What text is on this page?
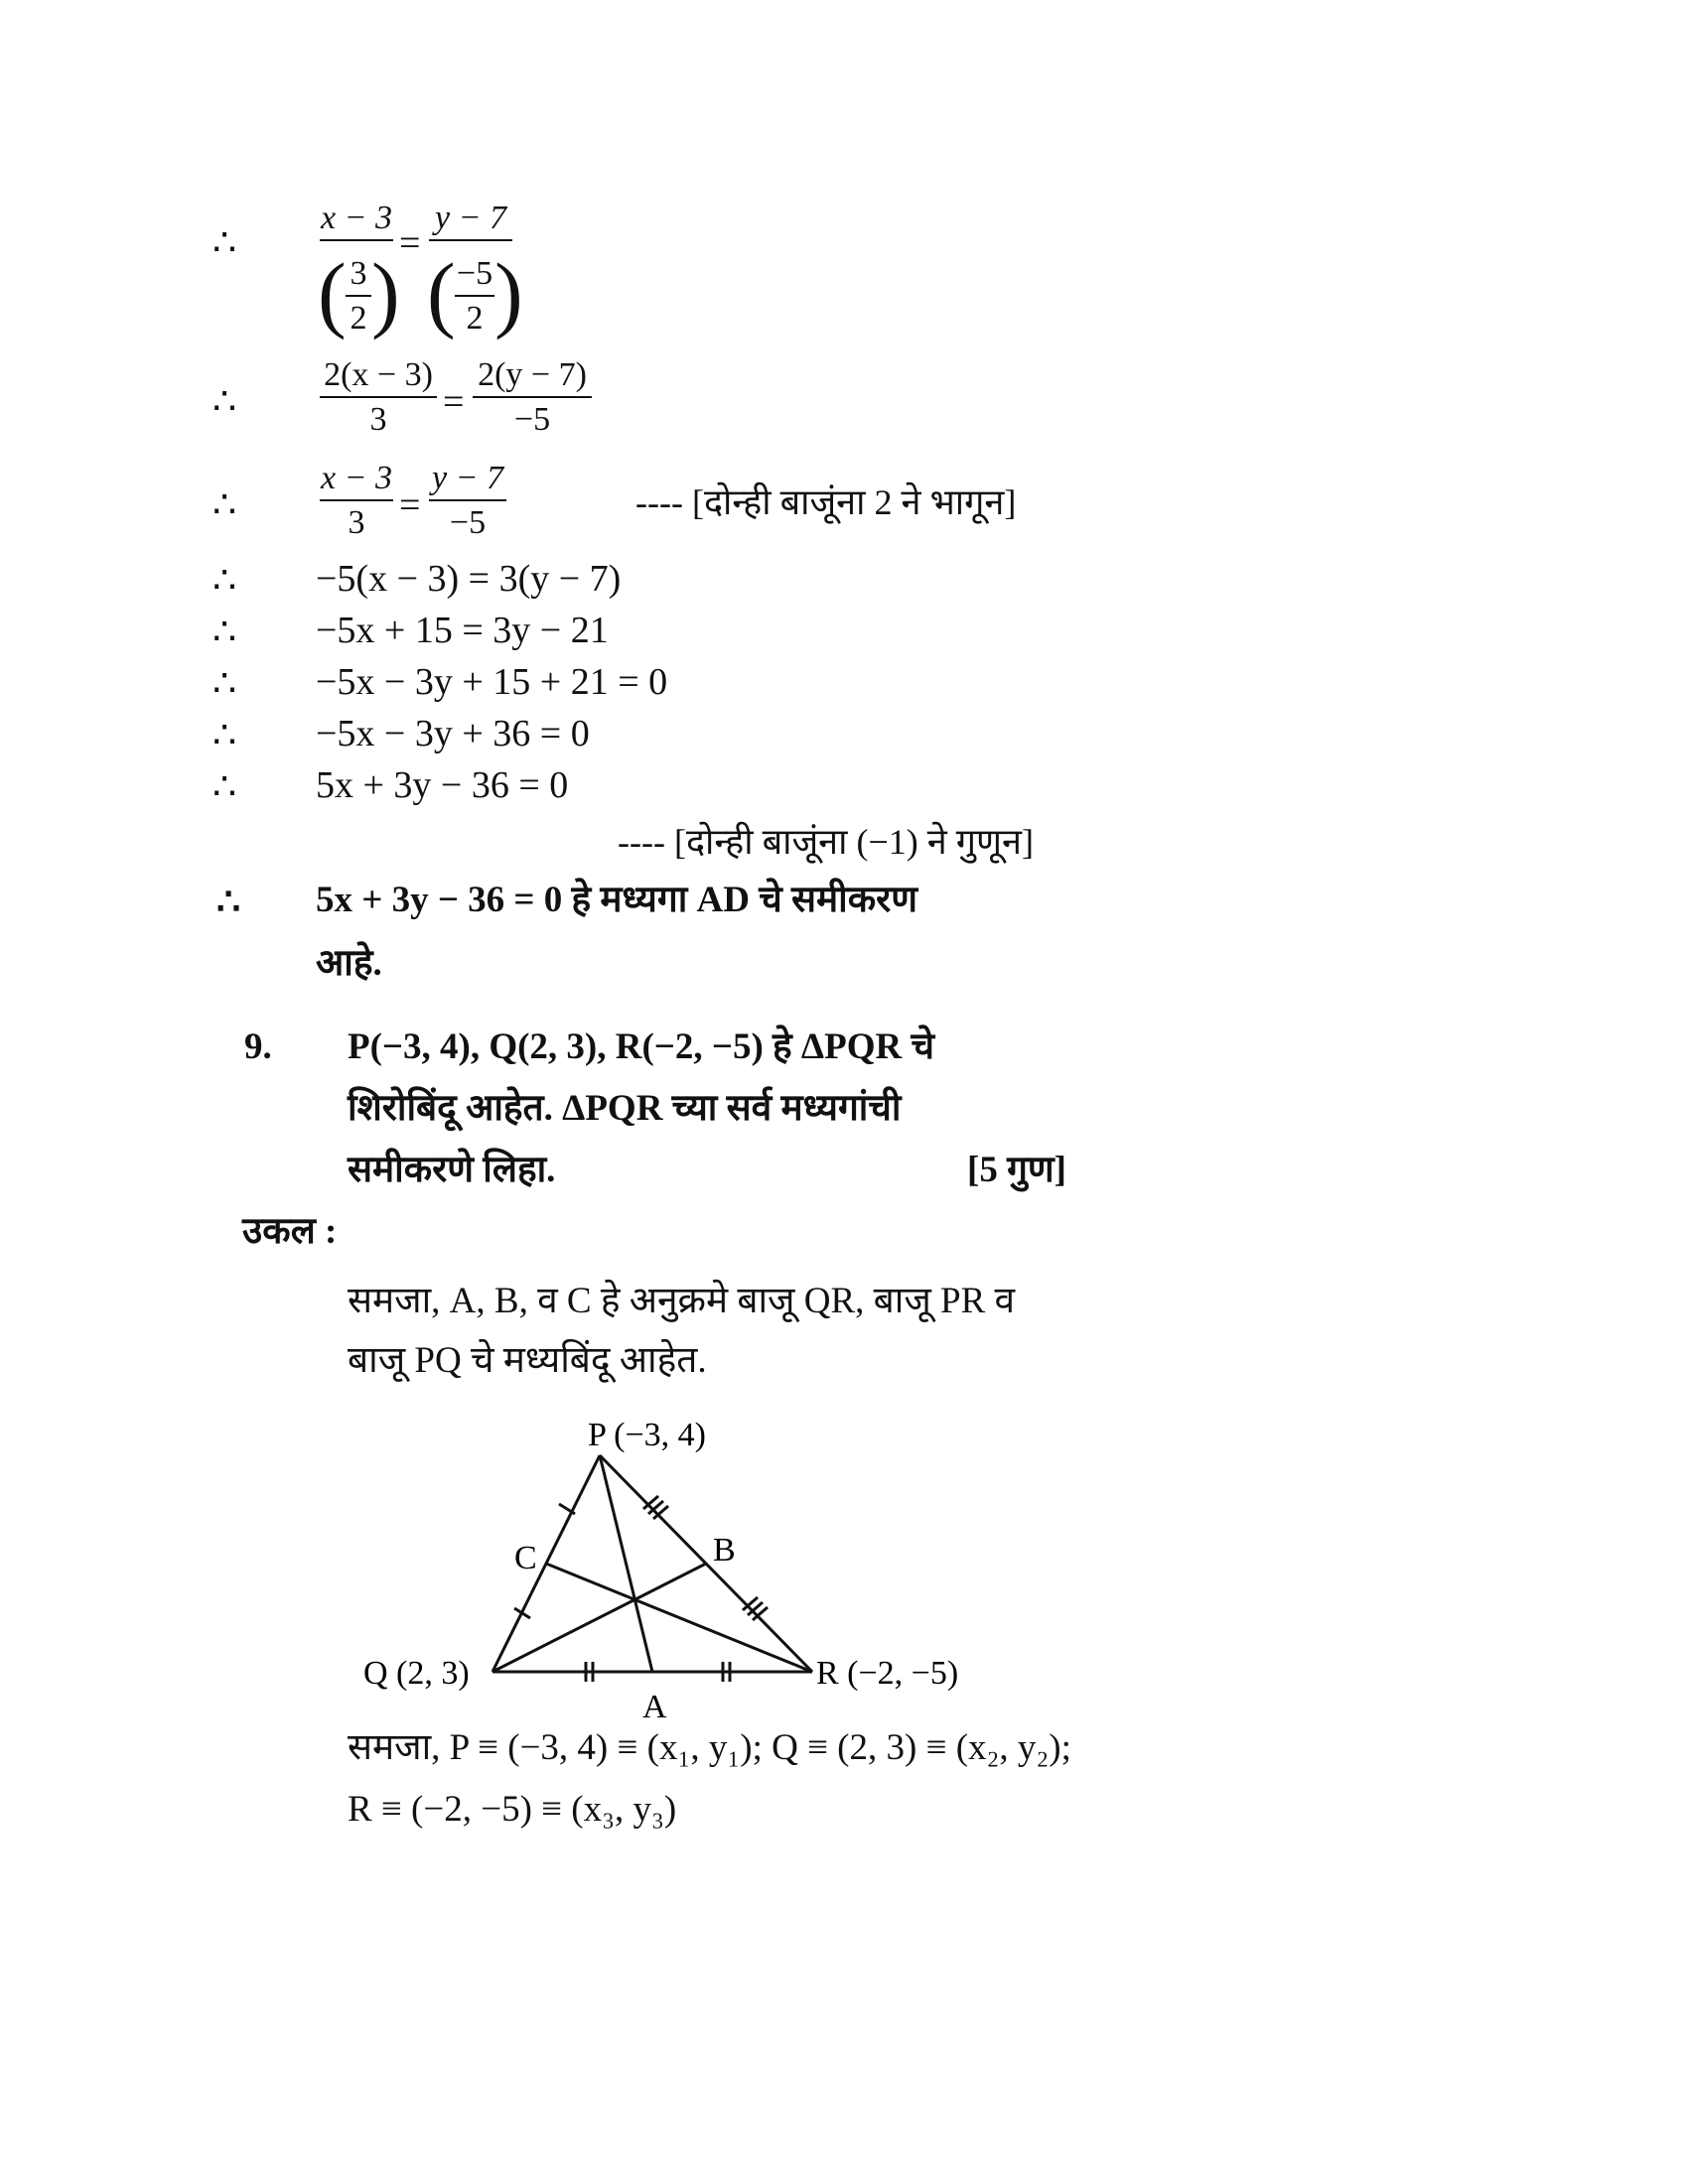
∴
x − 3
( 3
2 )
=
y − 7
( −5
2 )
∴
2(x − 3)
3	=
2(y − 7)
−5
∴
x − 3
3 =
y − 7
−5
---- [दोन्ही बाजूंना 2 ने भागून]
∴ −5(x − 3) = 3(y − 7)
∴ −5x + 15 = 3y − 21
∴ −5x − 3y + 15 + 21 = 0
∴ −5x − 3y + 36 = 0
∴ 5x + 3y − 36 = 0
---- [दोन्ही बाजूंना (−1) ने गुणून]
∴ 5x + 3y − 36 = 0 हे मध्यगा AD चे समीकरण
आहे.
9. P(−3, 4), Q(2, 3), R(−2, −5) हे ΔPQR चे
शिरोबिंदू आहेत. ΔPQR च्या सर्व मध्यगांची
समीकरणे लिहा.	[5 गुण]
उकल :
समजा, A, B, व C हे अनुक्रमे बाजू QR, बाजू PR व
बाजू PQ चे मध्यबिंदू आहेत.
P (−3, 4)
Q (2, 3)	R (−2, −5)
A
B
C
समजा, P ≡ (−3, 4) ≡ (x₁, y₁); Q ≡ (2, 3) ≡ (x₂, y₂);
R ≡ (−2, −5) ≡ (x₃, y₃)
